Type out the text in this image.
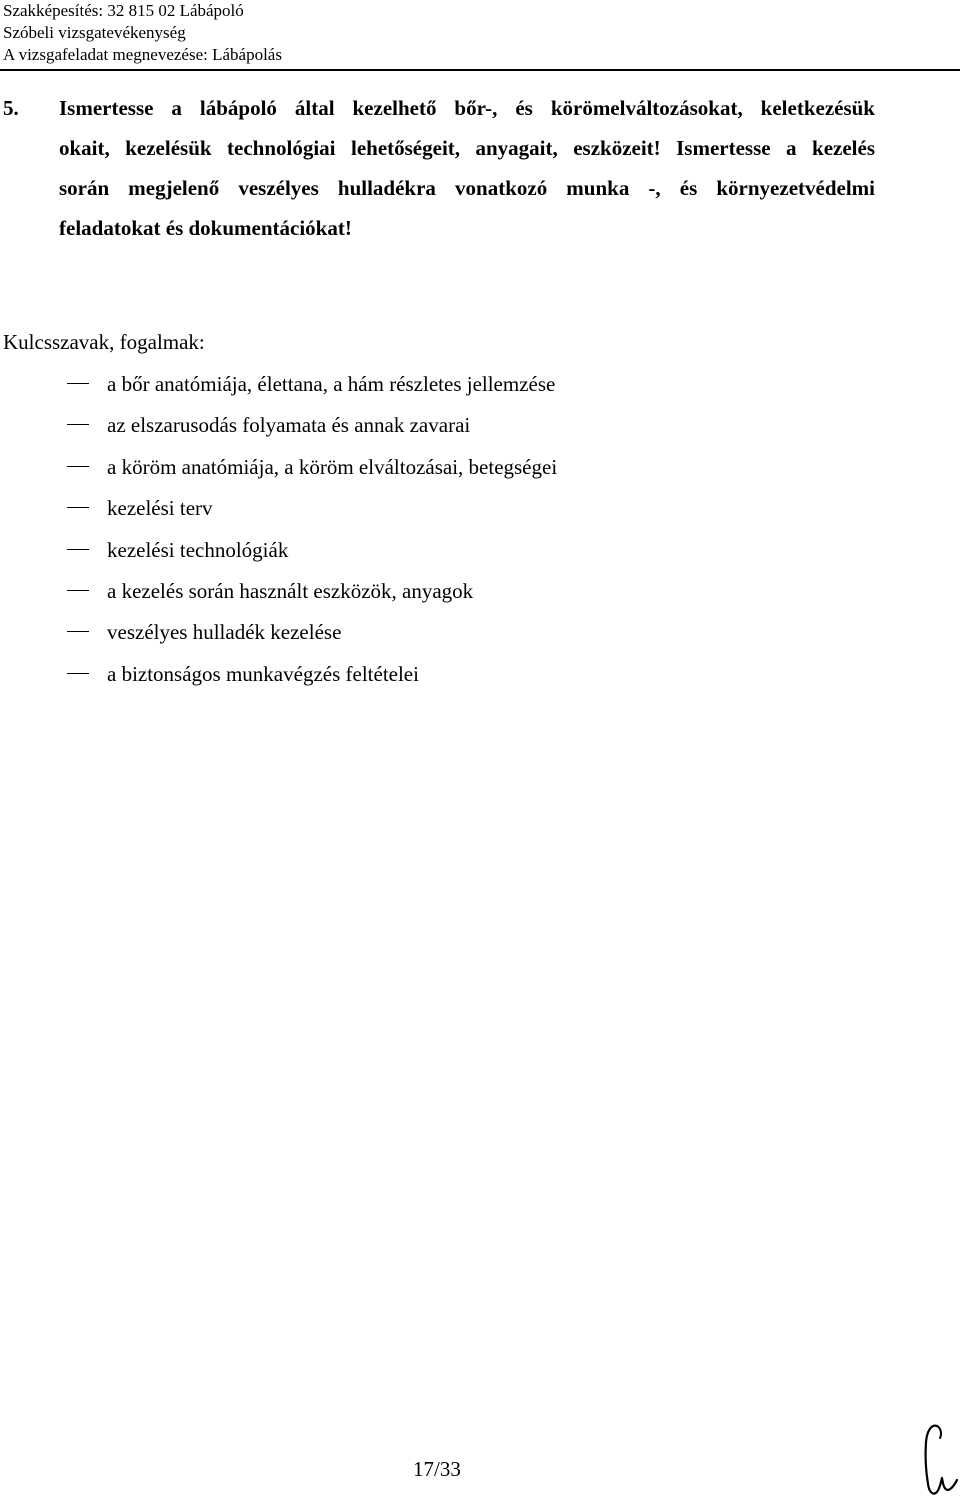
Szakképesítés: 32 815 02 Lábápoló
Szóbeli vizsgatevékenység
A vizsgafeladat megnevezése: Lábápolás
5. Ismertesse a lábápoló által kezelhető bőr-, és körömelváltozásokat, keletkezésük
okait, kezelésük technológiai lehetőségeit, anyagait, eszközeit! Ismertesse a kezelés
során megjelenő veszélyes hulladékra vonatkozó munka -, és környezetvédelmi
feladatokat és dokumentációkat!
Kulcsszavak, fogalmak:
a bőr anatómiája, élettana, a hám részletes jellemzése
az elszarusodás folyamata és annak zavarai
a köröm anatómiája, a köröm elváltozásai, betegségei
kezelési terv
kezelési technológiák
a kezelés során használt eszközök, anyagok
veszélyes hulladék kezelése
a biztonságos munkavégzés feltételei
17/33
